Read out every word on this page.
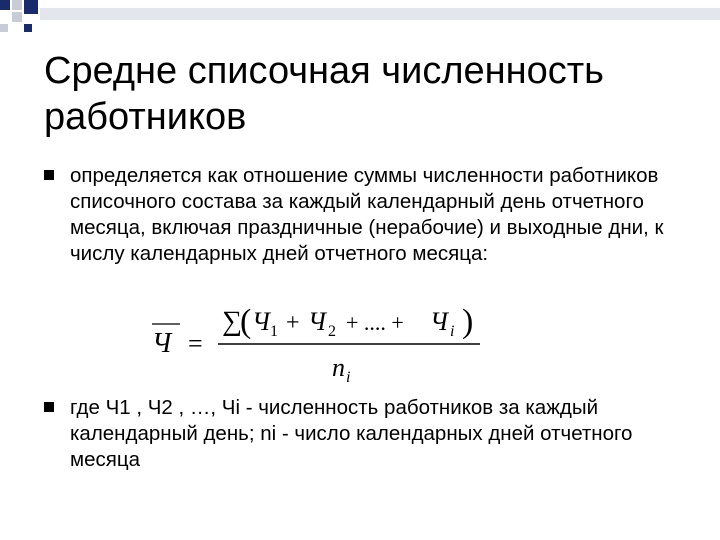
Средне списочная численность работников
определяется как отношение суммы численности работников списочного состава за каждый календарный день отчетного месяца, включая праздничные (нерабочие) и выходные дни, к числу календарных дней отчетного месяца:
Ч =
∑
( Ч 1 + Ч 2 + .... + Ч i )
n i
где Ч1 , Ч2 , …, Чi - численность работников за каждый календарный день; ni - число календарных дней отчетного месяца
